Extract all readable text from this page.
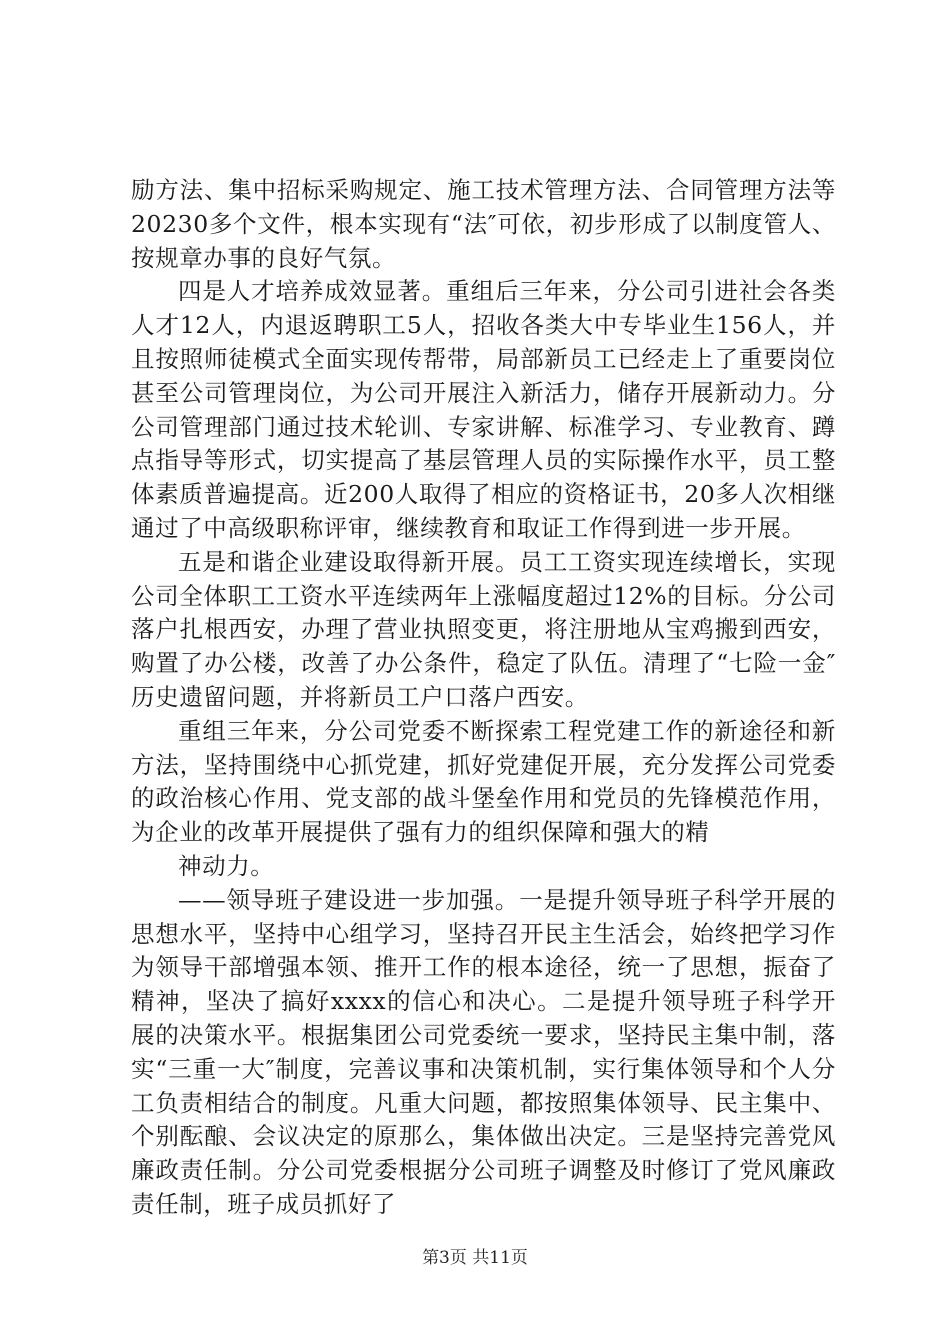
励方法、集中招标采购规定、施工技术管理方法、合同管理方法等20230多个文件，根本实现有“法″可依，初步形成了以制度管人、按规章办事的良好气氛。

四是人才培养成效显著。重组后三年来，分公司引进社会各类人才12人，内退返聘职工5人，招收各类大中专毕业生156人，并且按照师徒模式全面实现传帮带，局部新员工已经走上了重要岗位甚至公司管理岗位，为公司开展注入新活力，储存开展新动力。分公司管理部门通过技术轮训、专家讲解、标准学习、专业教育、蹲点指导等形式，切实提高了基层管理人员的实际操作水平，员工整体素质普遍提高。近200人取得了相应的资格证书，20多人次相继通过了中高级职称评审，继续教育和取证工作得到进一步开展。

五是和谐企业建设取得新开展。员工工资实现连续增长，实现公司全体职工工资水平连续两年上涨幅度超过12%的目标。分公司落户扎根西安，办理了营业执照变更，将注册地从宝鸡搬到西安，购置了办公楼，改善了办公条件，稳定了队伍。清理了“七险一金″历史遗留问题，并将新员工户口落户西安。

重组三年来，分公司党委不断探索工程党建工作的新途径和新方法，坚持围绕中心抓党建，抓好党建促开展，充分发挥公司党委的政治核心作用、党支部的战斗堡垒作用和党员的先锋模范作用，为企业的改革开展提供了强有力的组织保障和强大的精

神动力。

——领导班子建设进一步加强。一是提升领导班子科学开展的思想水平，坚持中心组学习，坚持召开民主生活会，始终把学习作为领导干部增强本领、推开工作的根本途径，统一了思想，振奋了精神，坚决了搞好xxxx的信心和决心。二是提升领导班子科学开展的决策水平。根据集团公司党委统一要求，坚持民主集中制，落实“三重一大″制度，完善议事和决策机制，实行集体领导和个人分工负责相结合的制度。凡重大问题，都按照集体领导、民主集中、个别酝酿、会议决定的原那么，集体做出决定。三是坚持完善党风廉政责任制。分公司党委根据分公司班子调整及时修订了党风廉政责任制，班子成员抓好了

第3页 共11页
